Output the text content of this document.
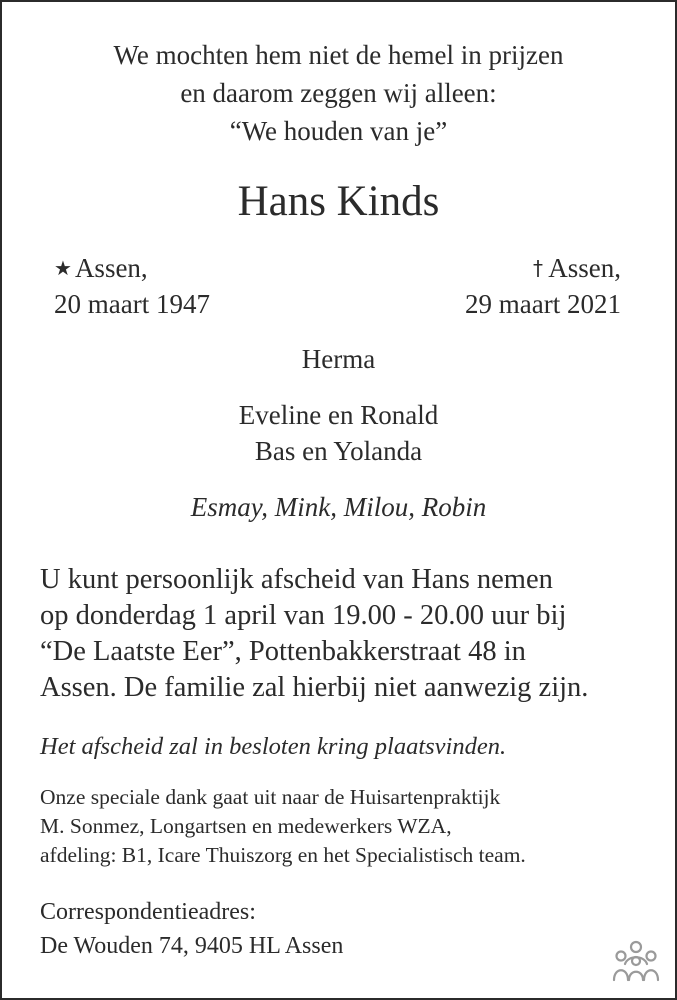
We mochten hem niet de hemel in prijzen
en daarom zeggen wij alleen:
“We houden van je”
Hans Kinds
★ Assen,
20 maart 1947
† Assen,
29 maart 2021
Herma
Eveline en Ronald
Bas en Yolanda
Esmay, Mink, Milou, Robin
U kunt persoonlijk afscheid van Hans nemen
op donderdag 1 april van 19.00 - 20.00 uur bij
“De Laatste Eer”, Pottenbakkerstraat 48 in
Assen. De familie zal hierbij niet aanwezig zijn.
Het afscheid zal in besloten kring plaatsvinden.
Onze speciale dank gaat uit naar de Huisartenpraktijk
M. Sonmez, Longartsen en medewerkers WZA,
afdeling: B1, Icare Thuiszorg en het Specialistisch team.
Correspondentieadres:
De Wouden 74, 9405 HL Assen
